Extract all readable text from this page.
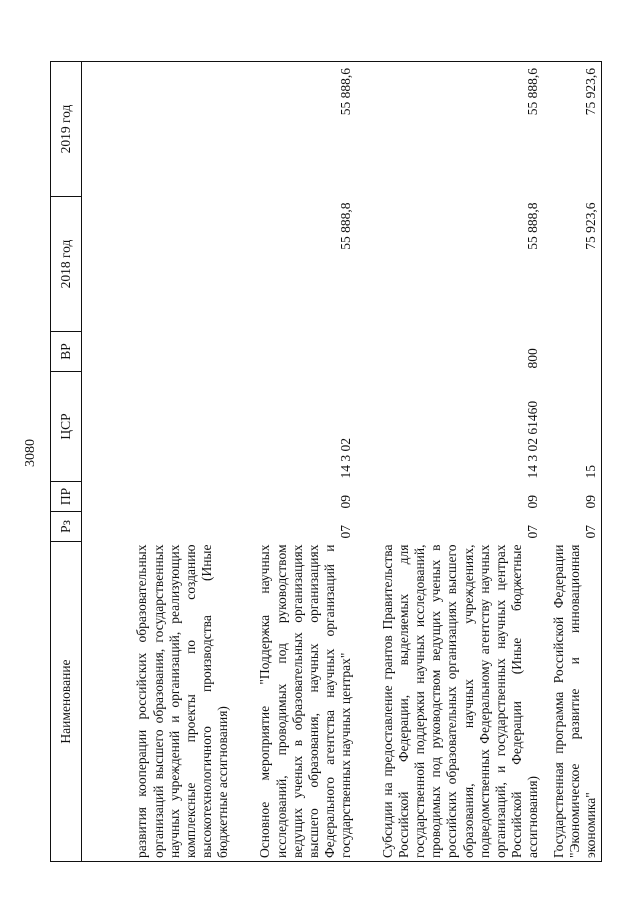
3080
Наименование	Рз	ПР	ЦСР	ВР	2018 год	2019 год
развития кооперации российских образовательных организаций высшего образования, государственных научных учреждений и организаций, реализующих комплексные проекты по созданию высокотехнологичного производства (Иные бюджетные ассигнования)						
Основное мероприятие "Поддержка научных исследований, проводимых под руководством ведущих ученых в образовательных организациях высшего образования, научных организациях Федерального агентства научных организаций и государственных научных центрах"	07	09	14 3 02		55 888,8	55 888,6
Субсидии на предоставление грантов Правительства Российской Федерации, выделяемых для государственной поддержки научных исследований, проводимых под руководством ведущих ученых в российских образовательных организациях высшего образования, научных учреждениях, подведомственных Федеральному агентству научных организаций, и государственных научных центрах Российской Федерации (Иные бюджетные ассигнования)	07	09	14 3 02 61460	800	55 888,8	55 888,6
Государственная программа Российской Федерации "Экономическое развитие и инновационная экономика"	07	09	15		75 923,6	75 923,6
